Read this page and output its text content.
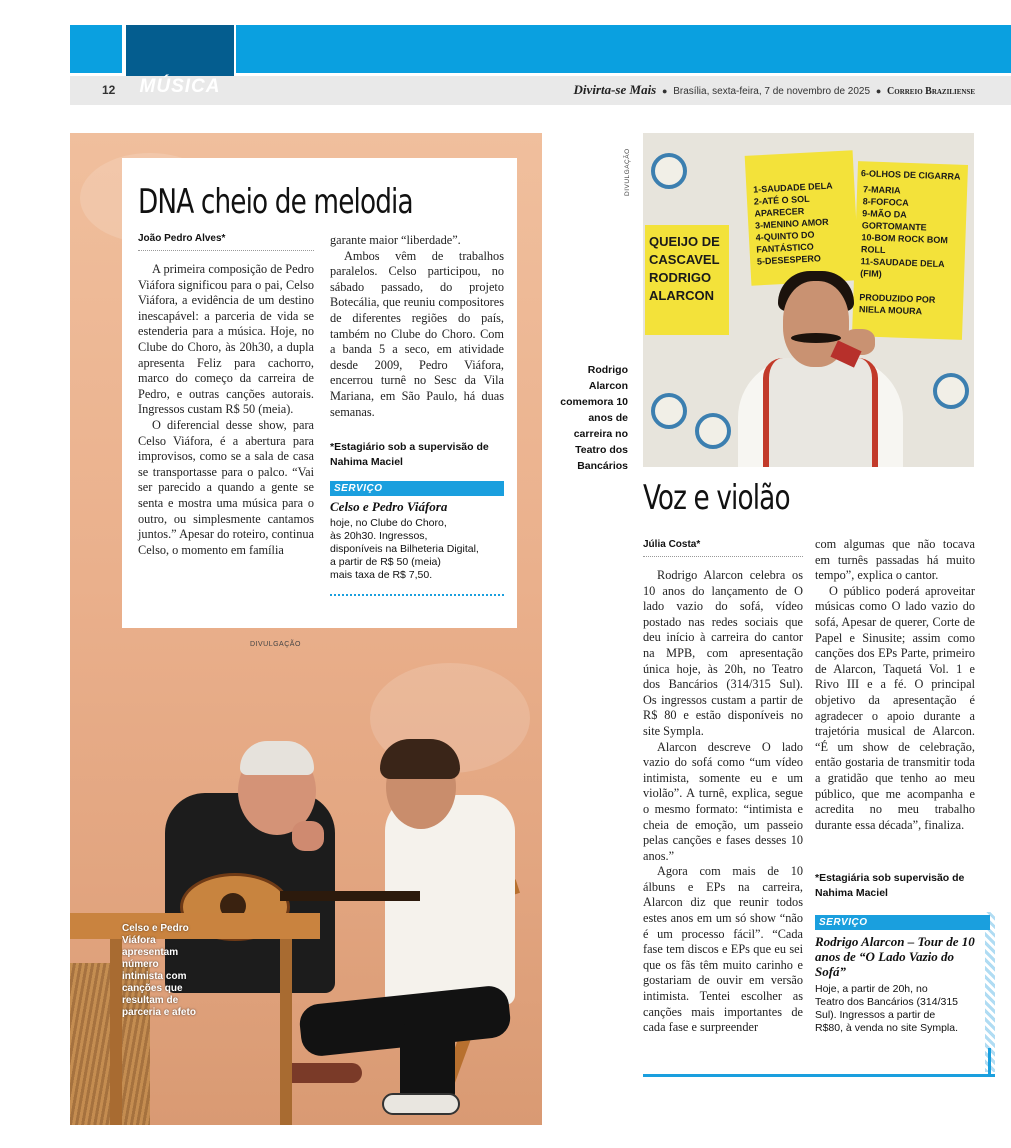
12	MÚSICA	Divirta-se Mais ● Brasília, sexta-feira, 7 de novembro de 2025 ● Correio Braziliense
Celso e Pedro Viáfora apresentam número intimista com canções que resultam de parceria e afeto
DNA cheio de melodia
João Pedro Alves*

A primeira composição de Pedro Viáfora significou para o pai, Celso Viáfora, a evidência de um destino inescapável: a parceria de vida se estenderia para a música. Hoje, no Clube do Choro, às 20h30, a dupla apresenta Feliz para cachorro, marco do começo da carreira de Pedro, e outras canções autorais. Ingressos custam R$ 50 (meia).

O diferencial desse show, para Celso Viáfora, é a abertura para improvisos, como se a sala de casa se transportasse para o palco. “Vai ser parecido a quando a gente se senta e mostra uma música para o outro, ou simplesmente cantamos juntos.” Apesar do roteiro, continua Celso, o momento em família

garante maior “liberdade”.

Ambos vêm de trabalhos paralelos. Celso participou, no sábado passado, do projeto Botecália, que reuniu compositores de diferentes regiões do país, também no Clube do Choro. Com a banda 5 a seco, em atividade desde 2009, Pedro Viáfora, encerrou turnê no Sesc da Vila Mariana, em São Paulo, há duas semanas.

*Estagiário sob a supervisão de Nahima Maciel
SERVIÇO
Celso e Pedro Viáfora
hoje, no Clube do Choro,
às 20h30. Ingressos,
disponíveis na Bilheteria Digital,
a partir de R$ 50 (meia)
mais taxa de R$ 7,50.
DIVULGAÇÃO
1-SAUDADE DELA
2-ATÉ O SOL APARECER
3-MENINO AMOR
4-QUINTO DO FANTÁSTICO
5-DESESPERO
6-OLHOS DE CIGARRA
7-MARIA
8-FOFOCA
9-MÃO DA GORTOMANTE
10-BOM ROCK BOM ROLL
11-SAUDADE DELA (FIM)

PRODUZIDO POR
NIELA MOURA
QUEIJO DE
CASCAVEL
RODRIGO
ALARCON
DIVULGAÇÃO
Rodrigo Alarcon comemora 10 anos de carreira no Teatro dos Bancários
Voz e violão
Júlia Costa*

Rodrigo Alarcon celebra os 10 anos do lançamento de O lado vazio do sofá, vídeo postado nas redes sociais que deu início à carreira do cantor na MPB, com apresentação única hoje, às 20h, no Teatro dos Bancários (314/315 Sul). Os ingressos custam a partir de R$ 80 e estão disponíveis no site Sympla.

Alarcon descreve O lado vazio do sofá como “um vídeo intimista, somente eu e um violão”. A turnê, explica, segue o mesmo formato: “intimista e cheia de emoção, um passeio pelas canções e fases desses 10 anos.”

Agora com mais de 10 álbuns e EPs na carreira, Alarcon diz que reunir todos estes anos em um só show “não é um processo fácil”. “Cada fase tem discos e EPs que eu sei que os fãs têm muito carinho e gostariam de ouvir em versão intimista. Tentei escolher as canções mais importantes de cada fase e surpreender

com algumas que não tocava em turnês passadas há muito tempo”, explica o cantor.

O público poderá aproveitar músicas como O lado vazio do sofá, Apesar de querer, Corte de Papel e Sinusite; assim como canções dos EPs Parte, primeiro de Alarcon, Taquetá Vol. 1 e Rivo III e a fé. O principal objetivo da apresentação é agradecer o apoio durante a trajetória musical de Alarcon. “É um show de celebração, então gostaria de transmitir toda a gratidão que tenho ao meu público, que me acompanha e acredita no meu trabalho durante essa década”, finaliza.

*Estagiária sob supervisão de Nahima Maciel
SERVIÇO
Rodrigo Alarcon – Tour de 10 anos de “O Lado Vazio do Sofá”
Hoje, a partir de 20h, no
Teatro dos Bancários (314/315
Sul). Ingressos a partir de
R$80, à venda no site Sympla.
